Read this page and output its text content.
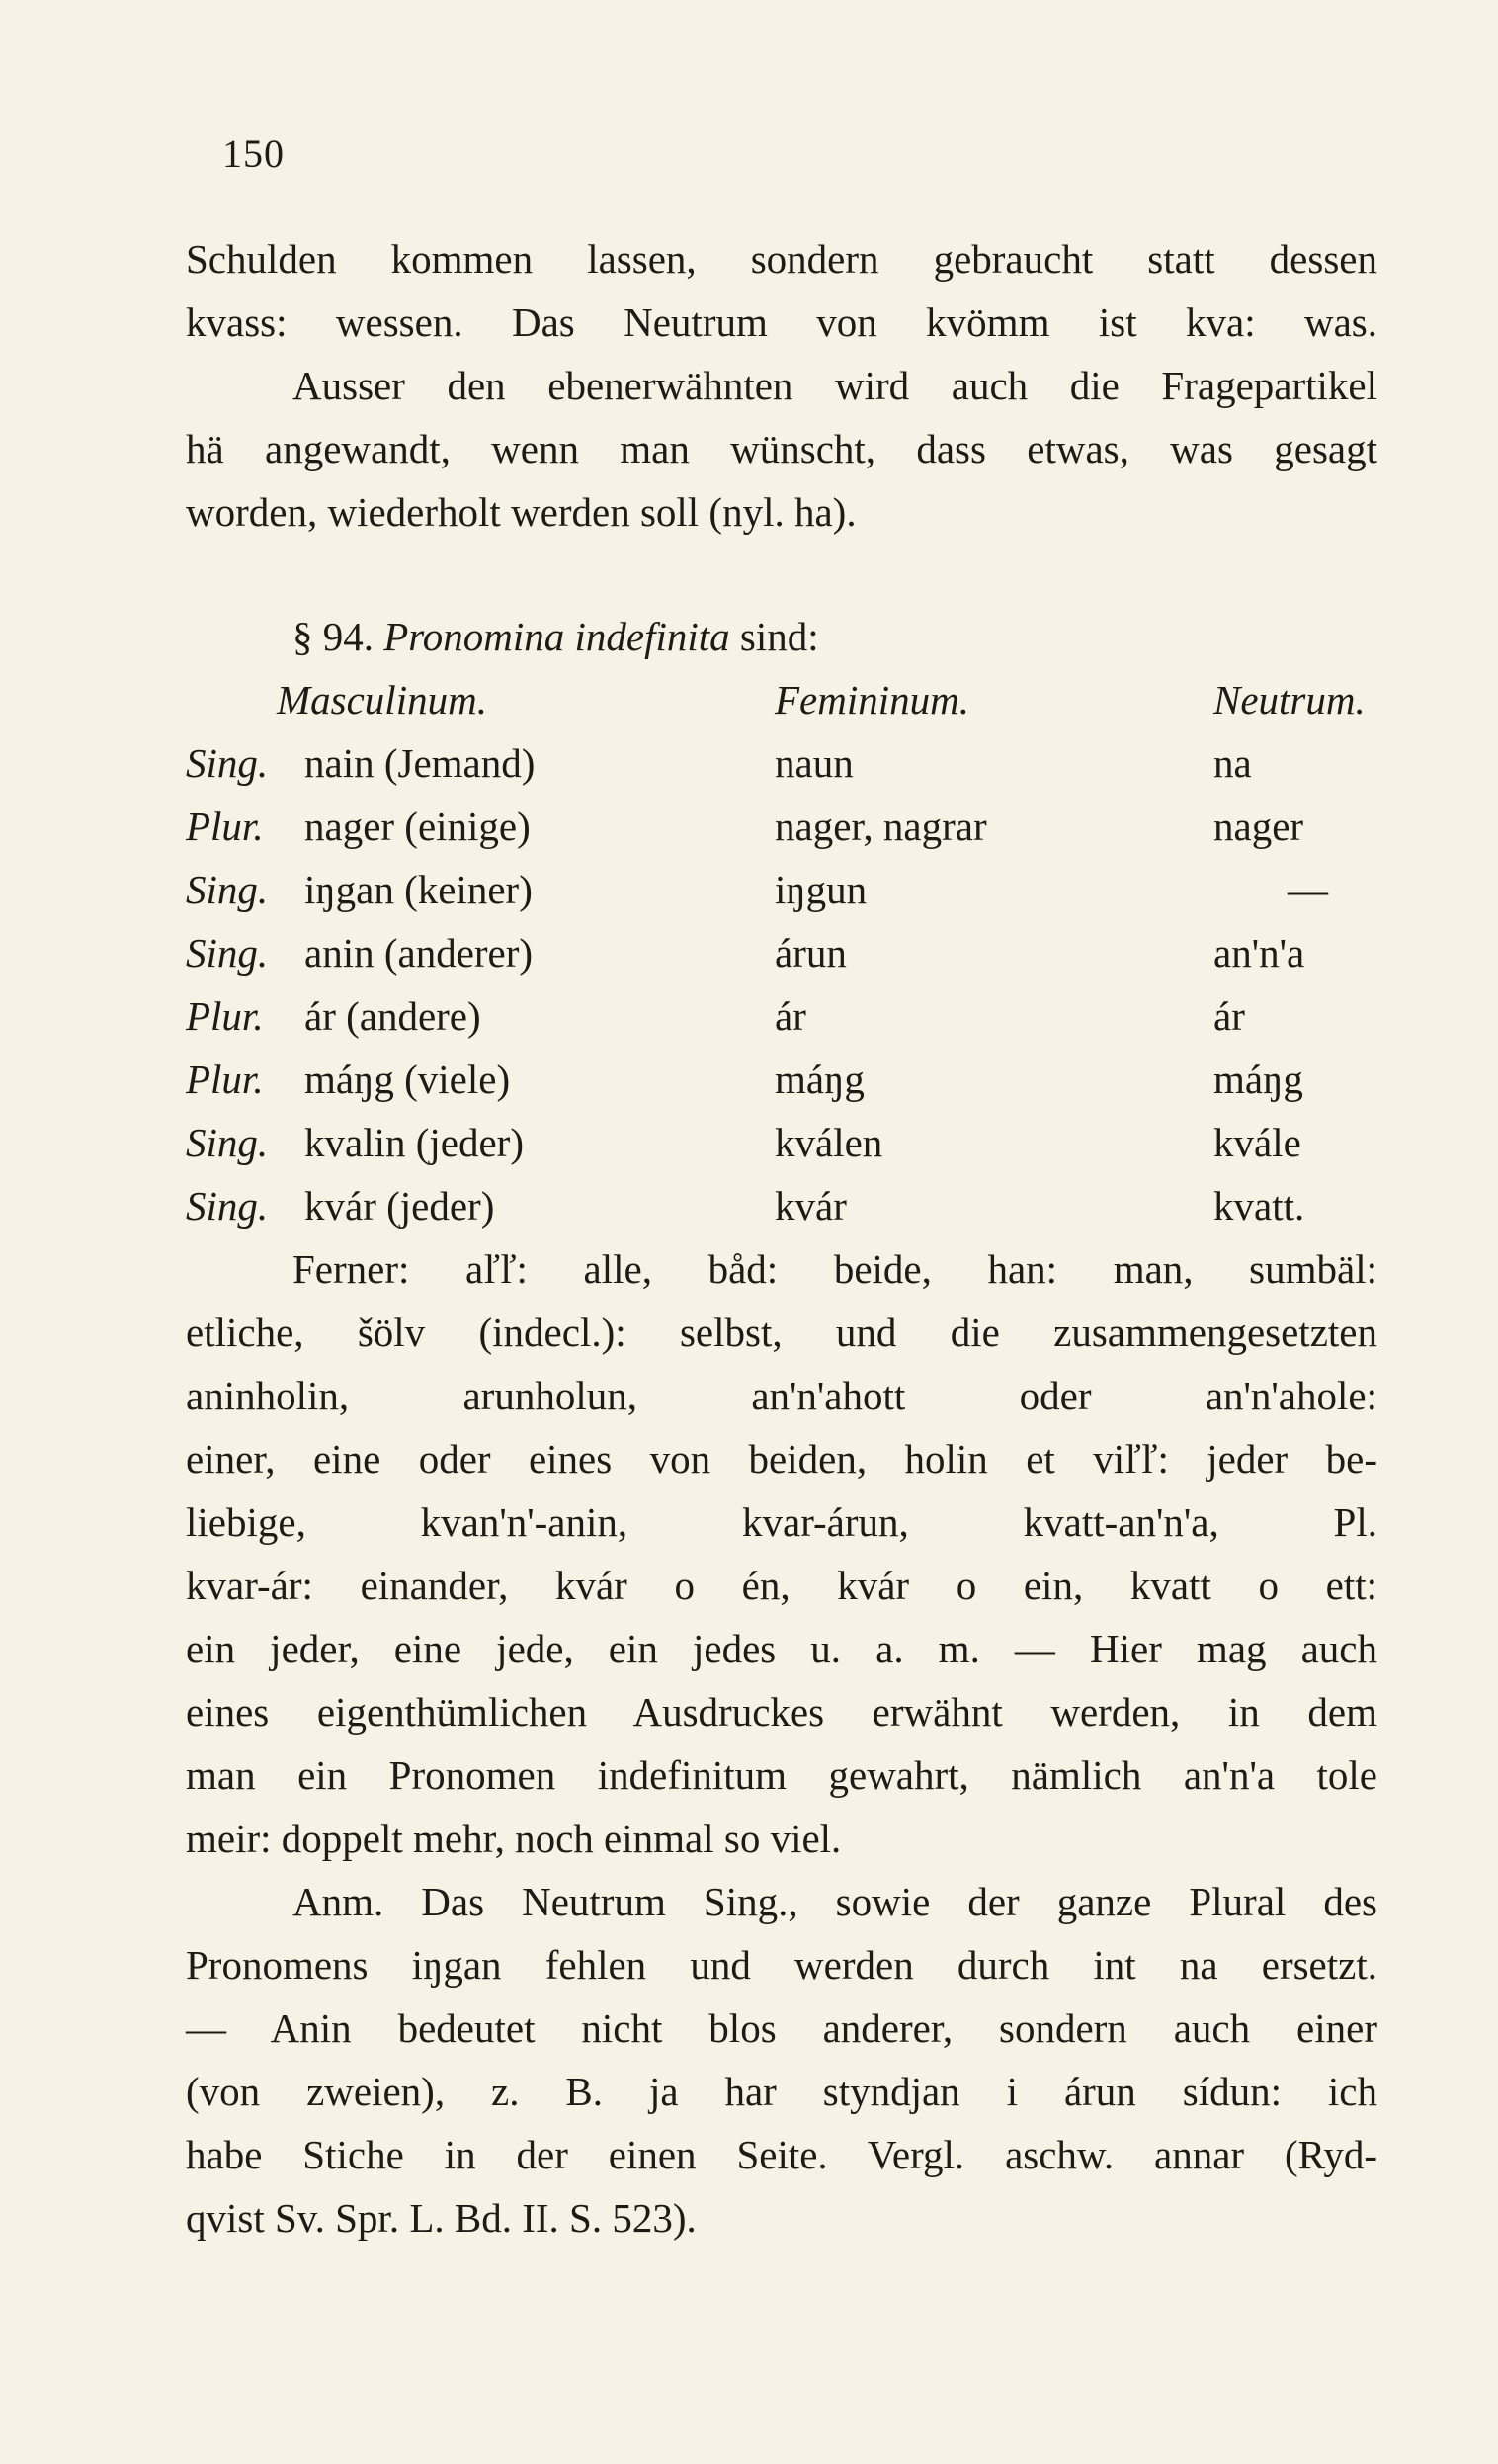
150
Schulden kommen lassen, sondern gebraucht statt dessen
kvass: wessen. Das Neutrum von kvömm ist kva: was.
Ausser den ebenerwähnten wird auch die Fragepartikel
hä angewandt, wenn man wünscht, dass etwas, was gesagt
worden, wiederholt werden soll (nyl. ha).
§ 94. Pronomina indefinita sind:
Masculinum.	Femininum.	Neutrum.
Sing. nain (Jemand)	naun	na
Plur. nager (einige)	nager, nagrar	nager
Sing. iŋgan (keiner)	iŋgun	—
Sing. anin (anderer)	árun	an'n'a
Plur. ár (andere)	ár	ár
Plur. máŋg (viele)	máŋg	máŋg
Sing. kvalin (jeder)	kválen	kvále
Sing. kvár (jeder)	kvár	kvatt.
Ferner: aľľ: alle, båd: beide, han: man, sumbäl:
etliche, šölv (indecl.): selbst, und die zusammengesetzten
aninholin, arunholun, an'n'ahott oder an'n'ahole:
einer, eine oder eines von beiden, holin et viľľ: jeder be-
liebige, kvan'n'-anin, kvar-árun, kvatt-an'n'a, Pl.
kvar-ár: einander, kvár o én, kvár o ein, kvatt o ett:
ein jeder, eine jede, ein jedes u. a. m. — Hier mag auch
eines eigenthümlichen Ausdruckes erwähnt werden, in dem
man ein Pronomen indefinitum gewahrt, nämlich an'n'a tole
meir: doppelt mehr, noch einmal so viel.
Anm. Das Neutrum Sing., sowie der ganze Plural des
Pronomens iŋgan fehlen und werden durch int na ersetzt.
— Anin bedeutet nicht blos anderer, sondern auch einer
(von zweien), z. B. ja har styndjan i árun sídun: ich
habe Stiche in der einen Seite. Vergl. aschw. annar (Ryd-
qvist Sv. Spr. L. Bd. II. S. 523).
